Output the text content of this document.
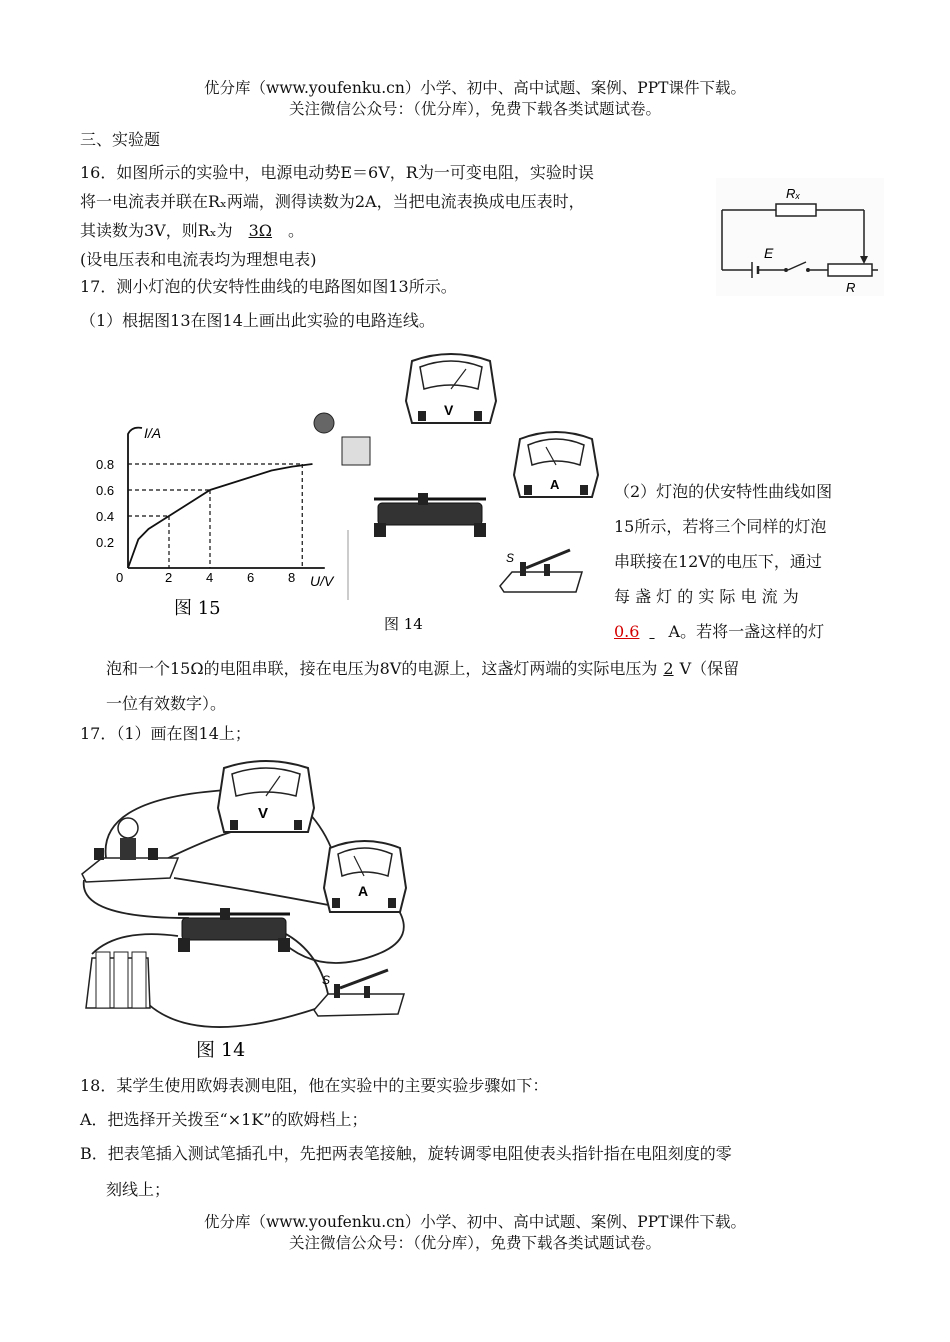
优分库（www.youfenku.cn）小学、初中、高中试题、案例、PPT课件下载。
关注微信公众号：（优分库），免费下载各类试题试卷。
三、实验题
16．如图所示的实验中，电源电动势E＝6V，R为一可变电阻，实验时误
将一电流表并联在Rₓ两端，测得读数为2A，当把电流表换成电压表时，
其读数为3V，则Rₓ为 3Ω 。
(设电压表和电流表均为理想电表)
Rₓ
E
R
17．测小灯泡的伏安特性曲线的电路图如图13所示。
（1）根据图13在图14上画出此实验的电路连线。
I/A
U/V
0
0.2
0.4
0.6
0.8
2	4	6	8
图 15
V
A
S
图 14
（2）灯泡的伏安特性曲线如图
15所示，若将三个同样的灯泡
串联接在12V的电压下，通过
每 盏 灯 的 实 际 电 流 为
0.6 A。若将一盏这样的灯
泡和一个15Ω的电阻串联，接在电压为8V的电源上，这盏灯两端的实际电压为 2 V（保留
一位有效数字）。
17．（1）画在图14上；
V
A
S
图 14
18．某学生使用欧姆表测电阻，他在实验中的主要实验步骤如下：
A．把选择开关拨至“×1K”的欧姆档上；
B．把表笔插入测试笔插孔中，先把两表笔接触，旋转调零电阻使表头指针指在电阻刻度的零
刻线上；
优分库（www.youfenku.cn）小学、初中、高中试题、案例、PPT课件下载。
关注微信公众号：（优分库），免费下载各类试题试卷。
